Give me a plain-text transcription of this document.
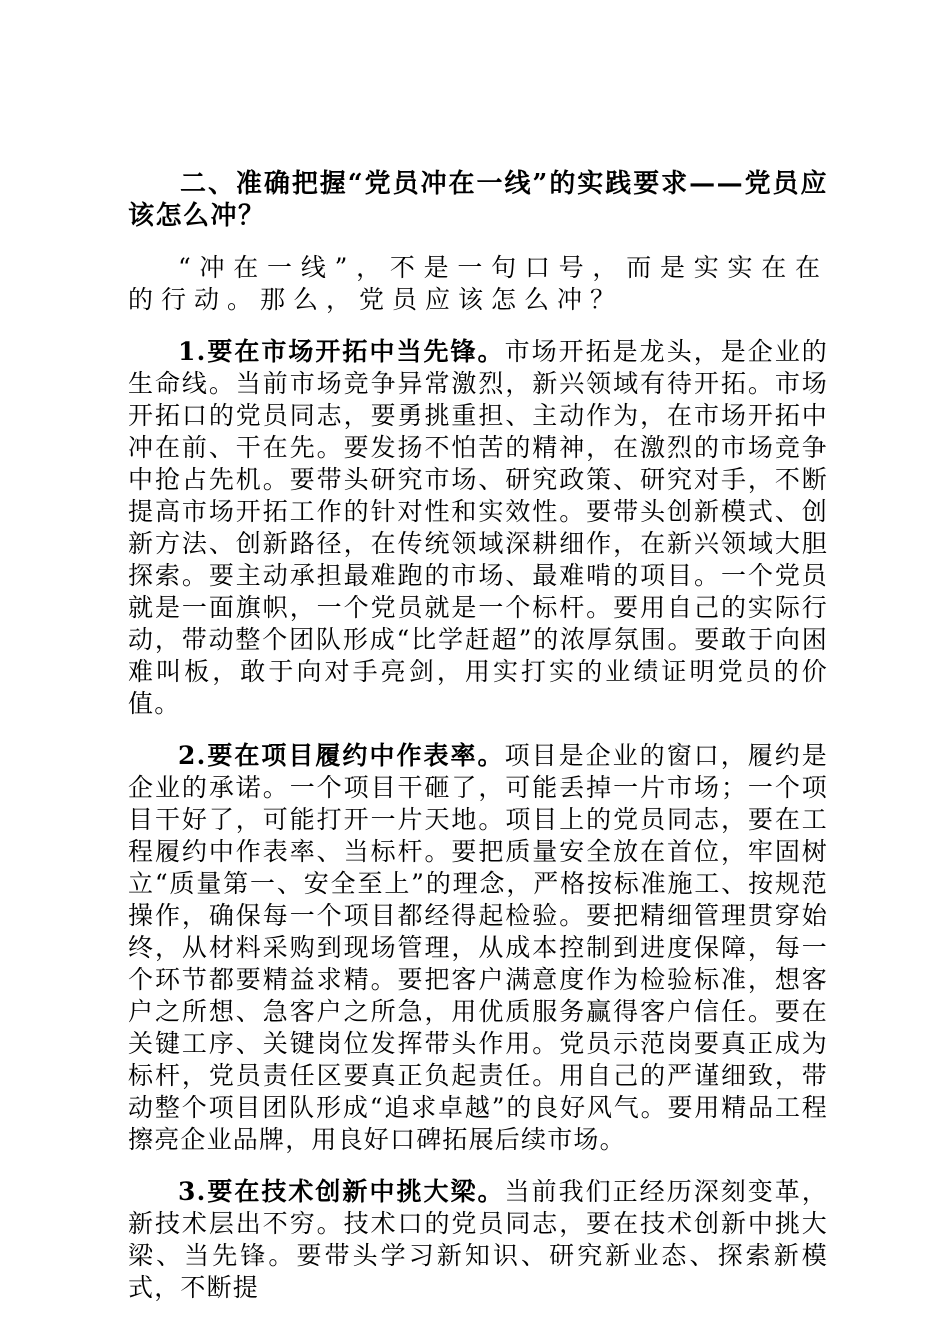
二、准确把握“党员冲在一线”的实践要求——党员应该怎么冲？

“冲在一线”，不是一句口号，而是实实在在的行动。那么，党员应该怎么冲？

1.要在市场开拓中当先锋。市场开拓是龙头，是企业的生命线。当前市场竞争异常激烈，新兴领域有待开拓。市场开拓口的党员同志，要勇挑重担、主动作为，在市场开拓中冲在前、干在先。要发扬不怕苦的精神，在激烈的市场竞争中抢占先机。要带头研究市场、研究政策、研究对手，不断提高市场开拓工作的针对性和实效性。要带头创新模式、创新方法、创新路径，在传统领域深耕细作，在新兴领域大胆探索。要主动承担最难跑的市场、最难啃的项目。一个党员就是一面旗帜，一个党员就是一个标杆。要用自己的实际行动，带动整个团队形成“比学赶超”的浓厚氛围。要敢于向困难叫板，敢于向对手亮剑，用实打实的业绩证明党员的价值。

2.要在项目履约中作表率。项目是企业的窗口，履约是企业的承诺。一个项目干砸了，可能丢掉一片市场；一个项目干好了，可能打开一片天地。项目上的党员同志，要在工程履约中作表率、当标杆。要把质量安全放在首位，牢固树立“质量第一、安全至上”的理念，严格按标准施工、按规范操作，确保每一个项目都经得起检验。要把精细管理贯穿始终，从材料采购到现场管理，从成本控制到进度保障，每一个环节都要精益求精。要把客户满意度作为检验标准，想客户之所想、急客户之所急，用优质服务赢得客户信任。要在关键工序、关键岗位发挥带头作用。党员示范岗要真正成为标杆，党员责任区要真正负起责任。用自己的严谨细致，带动整个项目团队形成“追求卓越”的良好风气。要用精品工程擦亮企业品牌，用良好口碑拓展后续市场。

3.要在技术创新中挑大梁。当前我们正经历深刻变革，新技术层出不穷。技术口的党员同志，要在技术创新中挑大梁、当先锋。要带头学习新知识、研究新业态、探索新模式，不断提
